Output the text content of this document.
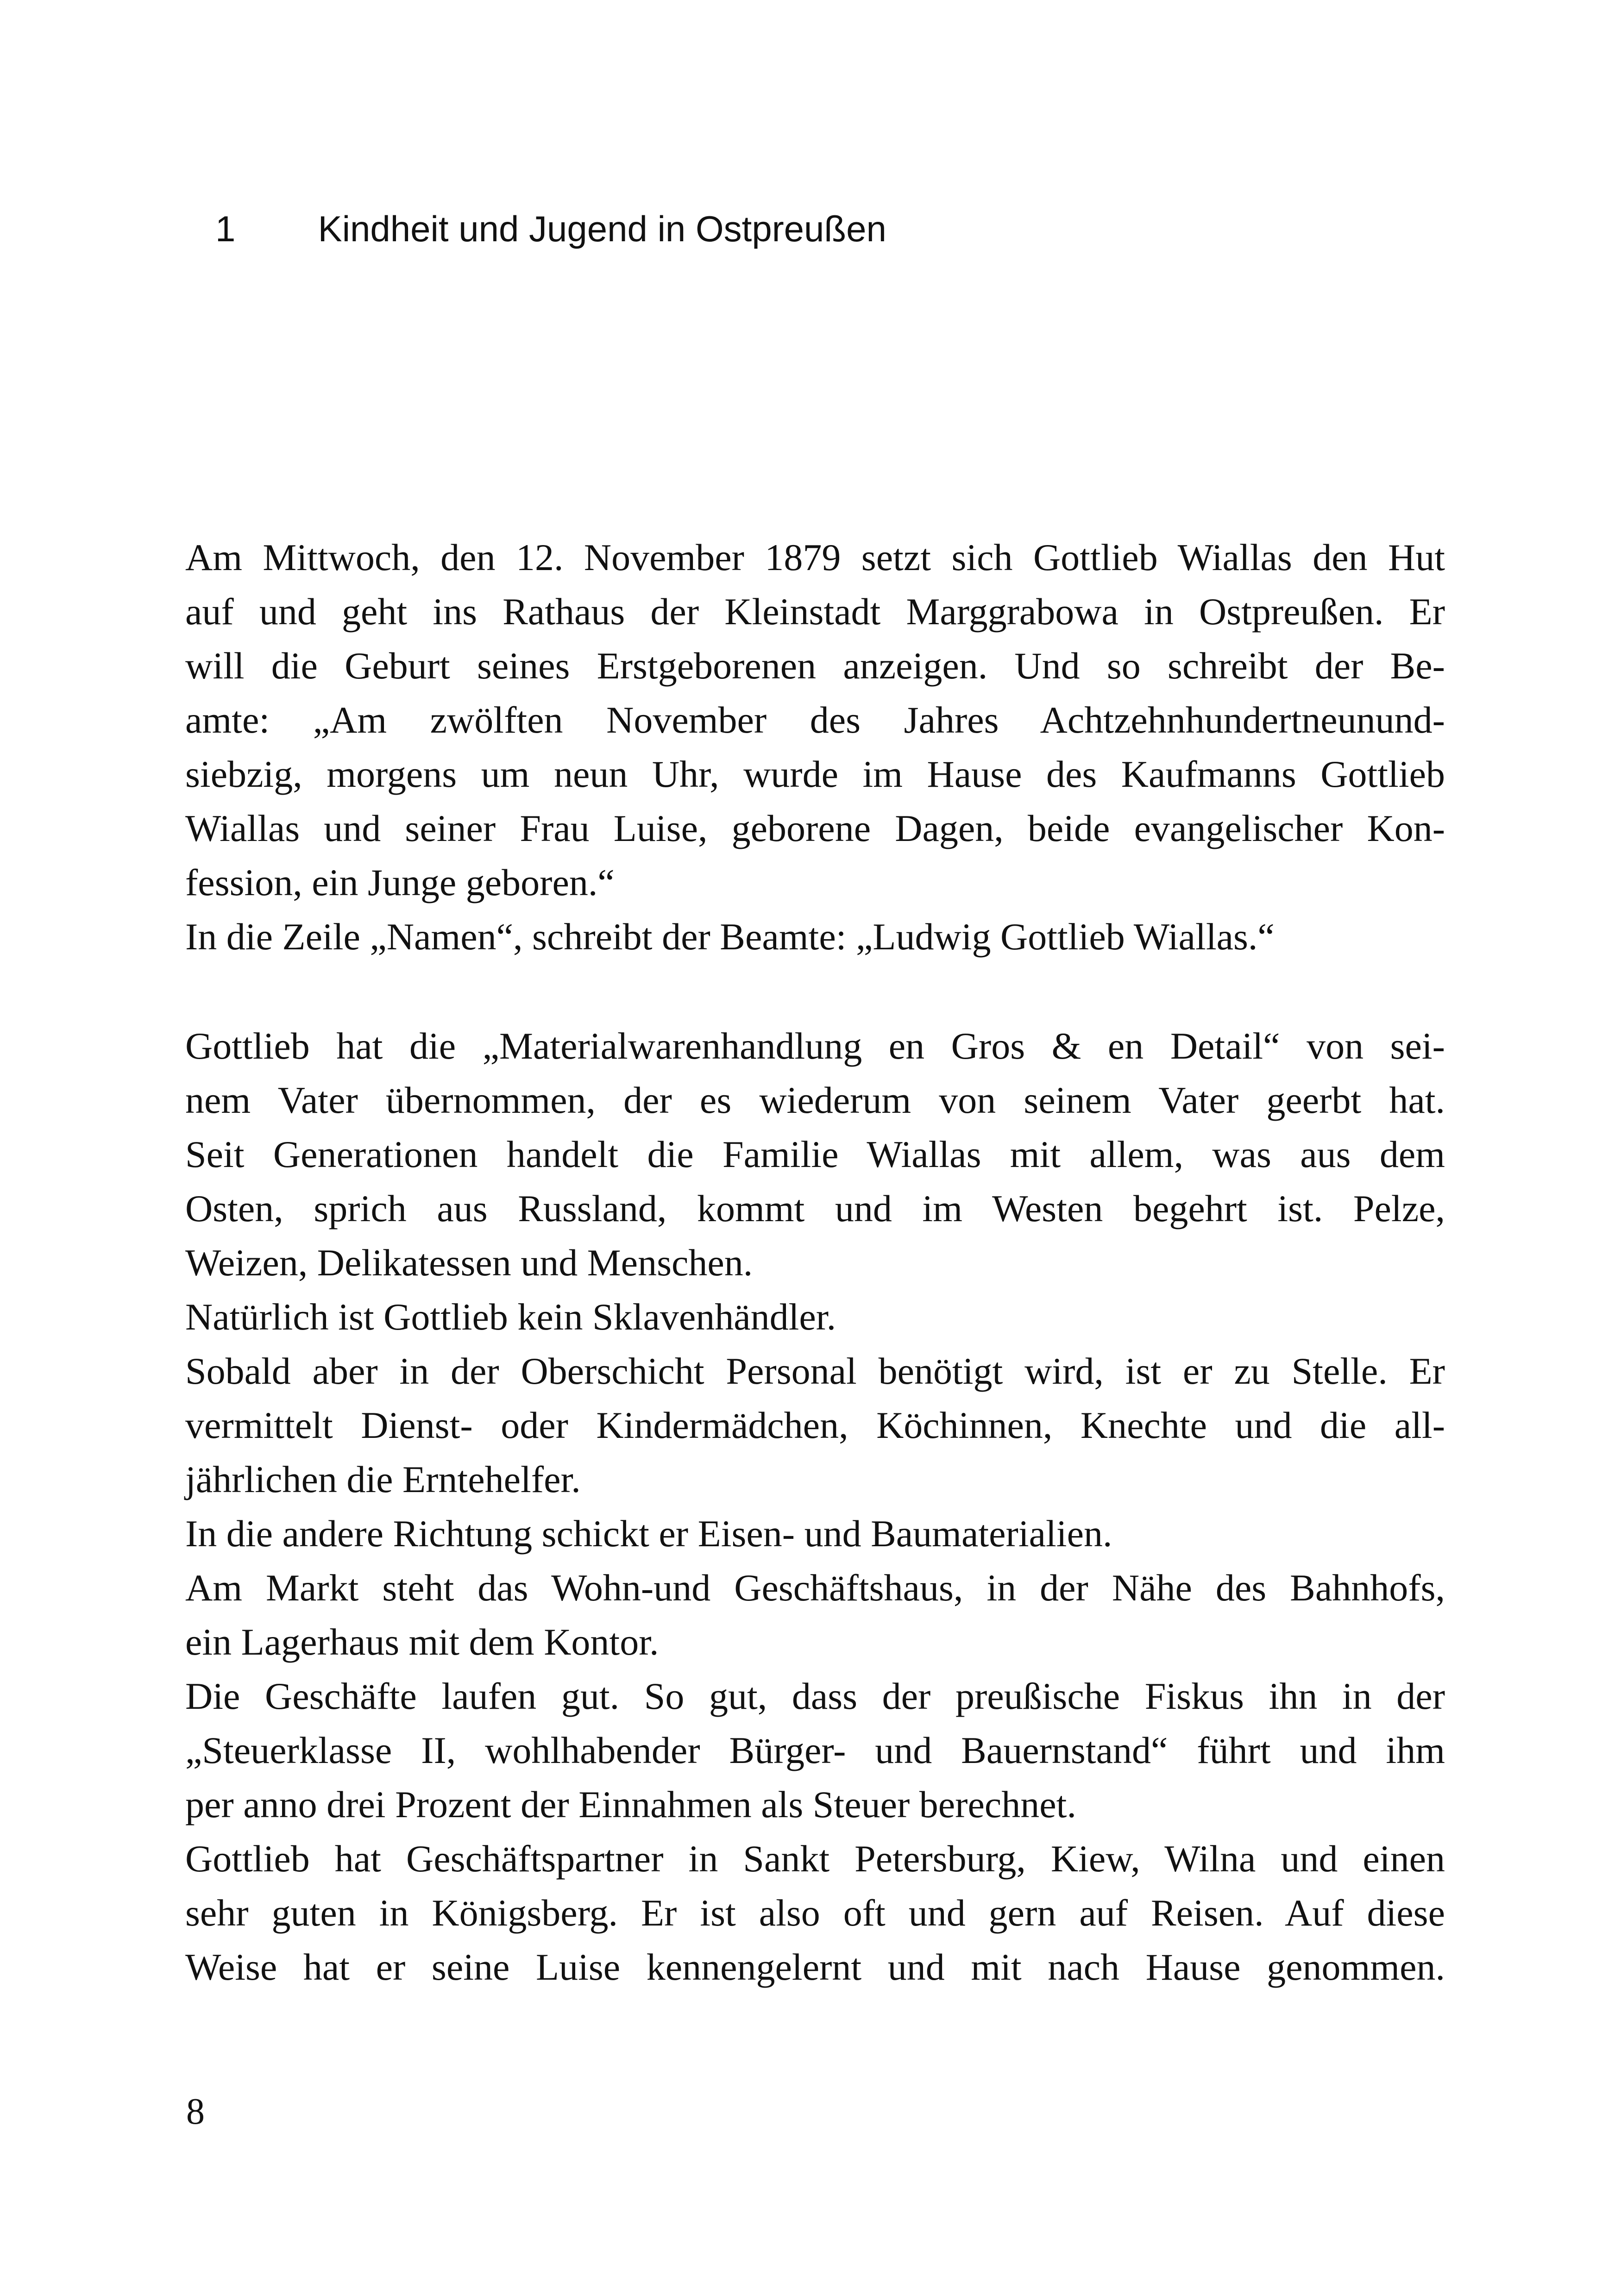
1 Kindheit und Jugend in Ostpreußen
Am Mittwoch, den 12. November 1879 setzt sich Gottlieb Wiallas den Hut
auf und geht ins Rathaus der Kleinstadt Marggrabowa in Ostpreußen. Er
will die Geburt seines Erstgeborenen anzeigen. Und so schreibt der Be-
amte: „Am zwölften November des Jahres Achtzehnhundertneunund-
siebzig, morgens um neun Uhr, wurde im Hause des Kaufmanns Gottlieb
Wiallas und seiner Frau Luise, geborene Dagen, beide evangelischer Kon-
fession, ein Junge geboren.“
In die Zeile „Namen“, schreibt der Beamte: „Ludwig Gottlieb Wiallas.“
Gottlieb hat die „Materialwarenhandlung en Gros & en Detail“ von sei-
nem Vater übernommen, der es wiederum von seinem Vater geerbt hat.
Seit Generationen handelt die Familie Wiallas mit allem, was aus dem
Osten, sprich aus Russland, kommt und im Westen begehrt ist. Pelze,
Weizen, Delikatessen und Menschen.
Natürlich ist Gottlieb kein Sklavenhändler.
Sobald aber in der Oberschicht Personal benötigt wird, ist er zu Stelle. Er
vermittelt Dienst- oder Kindermädchen, Köchinnen, Knechte und die all-
jährlichen die Erntehelfer.
In die andere Richtung schickt er Eisen- und Baumaterialien.
Am Markt steht das Wohn-und Geschäftshaus, in der Nähe des Bahnhofs,
ein Lagerhaus mit dem Kontor.
Die Geschäfte laufen gut. So gut, dass der preußische Fiskus ihn in der
„Steuerklasse II, wohlhabender Bürger- und Bauernstand“ führt und ihm
per anno drei Prozent der Einnahmen als Steuer berechnet.
Gottlieb hat Geschäftspartner in Sankt Petersburg, Kiew, Wilna und einen
sehr guten in Königsberg. Er ist also oft und gern auf Reisen. Auf diese
Weise hat er seine Luise kennengelernt und mit nach Hause genommen.
8
